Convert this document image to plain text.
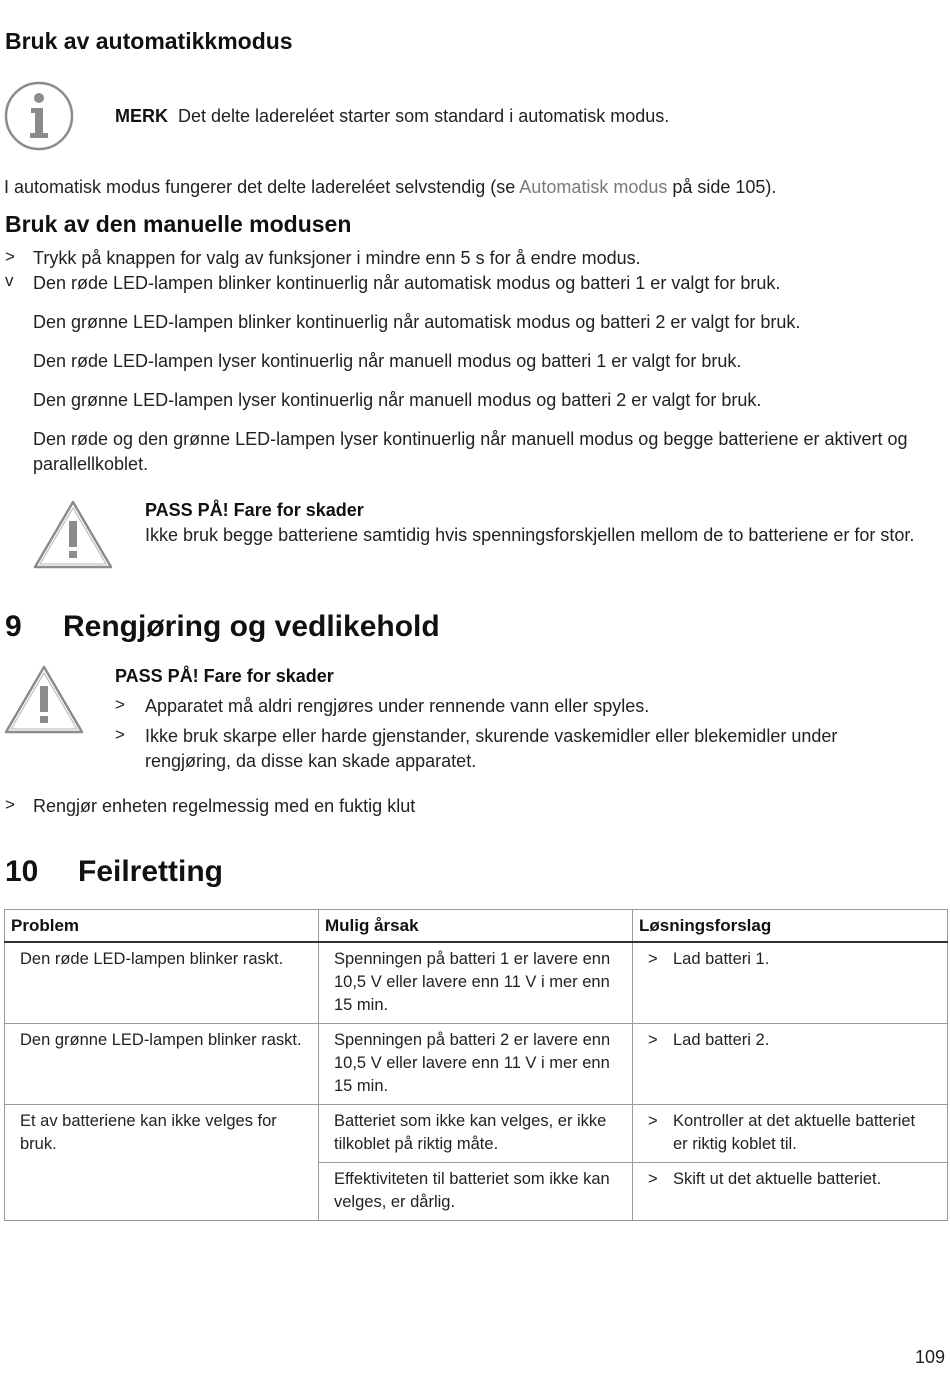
Bruk av automatikkmodus
MERK Det delte ladereléet starter som standard i automatisk modus.
I automatisk modus fungerer det delte ladereléet selvstendig (se Automatisk modus på side 105).
Bruk av den manuelle modusen
> Trykk på knappen for valg av funksjoner i mindre enn 5 s for å endre modus.
v Den røde LED-lampen blinker kontinuerlig når automatisk modus og batteri 1 er valgt for bruk.
Den grønne LED-lampen blinker kontinuerlig når automatisk modus og batteri 2 er valgt for bruk.
Den røde LED-lampen lyser kontinuerlig når manuell modus og batteri 1 er valgt for bruk.
Den grønne LED-lampen lyser kontinuerlig når manuell modus og batteri 2 er valgt for bruk.
Den røde og den grønne LED-lampen lyser kontinuerlig når manuell modus og begge batteriene er aktivert og parallellkoblet.
PASS PÅ! Fare for skader
Ikke bruk begge batteriene samtidig hvis spenningsforskjellen mellom de to batteriene er for stor.
9 Rengjøring og vedlikehold
PASS PÅ! Fare for skader
> Apparatet må aldri rengjøres under rennende vann eller spyles.
> Ikke bruk skarpe eller harde gjenstander, skurende vaskemidler eller blekemidler under rengjøring, da disse kan skade apparatet.
> Rengjør enheten regelmessig med en fuktig klut
10 Feilretting
Problem	Mulig årsak	Løsningsforslag
Den røde LED-lampen blinker raskt.	Spenningen på batteri 1 er lavere enn 10,5 V eller lavere enn 11 V i mer enn 15 min.	> Lad batteri 1.

Den grønne LED-lampen blinker raskt.	Spenningen på batteri 2 er lavere enn 10,5 V eller lavere enn 11 V i mer enn 15 min.	> Lad batteri 2.

Et av batteriene kan ikke velges for bruk.	Batteriet som ikke kan velges, er ikke tilkoblet på riktig måte.	> Kontroller at det aktuelle batteriet er riktig koblet til.

	Effektiviteten til batteriet som ikke kan velges, er dårlig.	> Skift ut det aktuelle batteriet.
109
